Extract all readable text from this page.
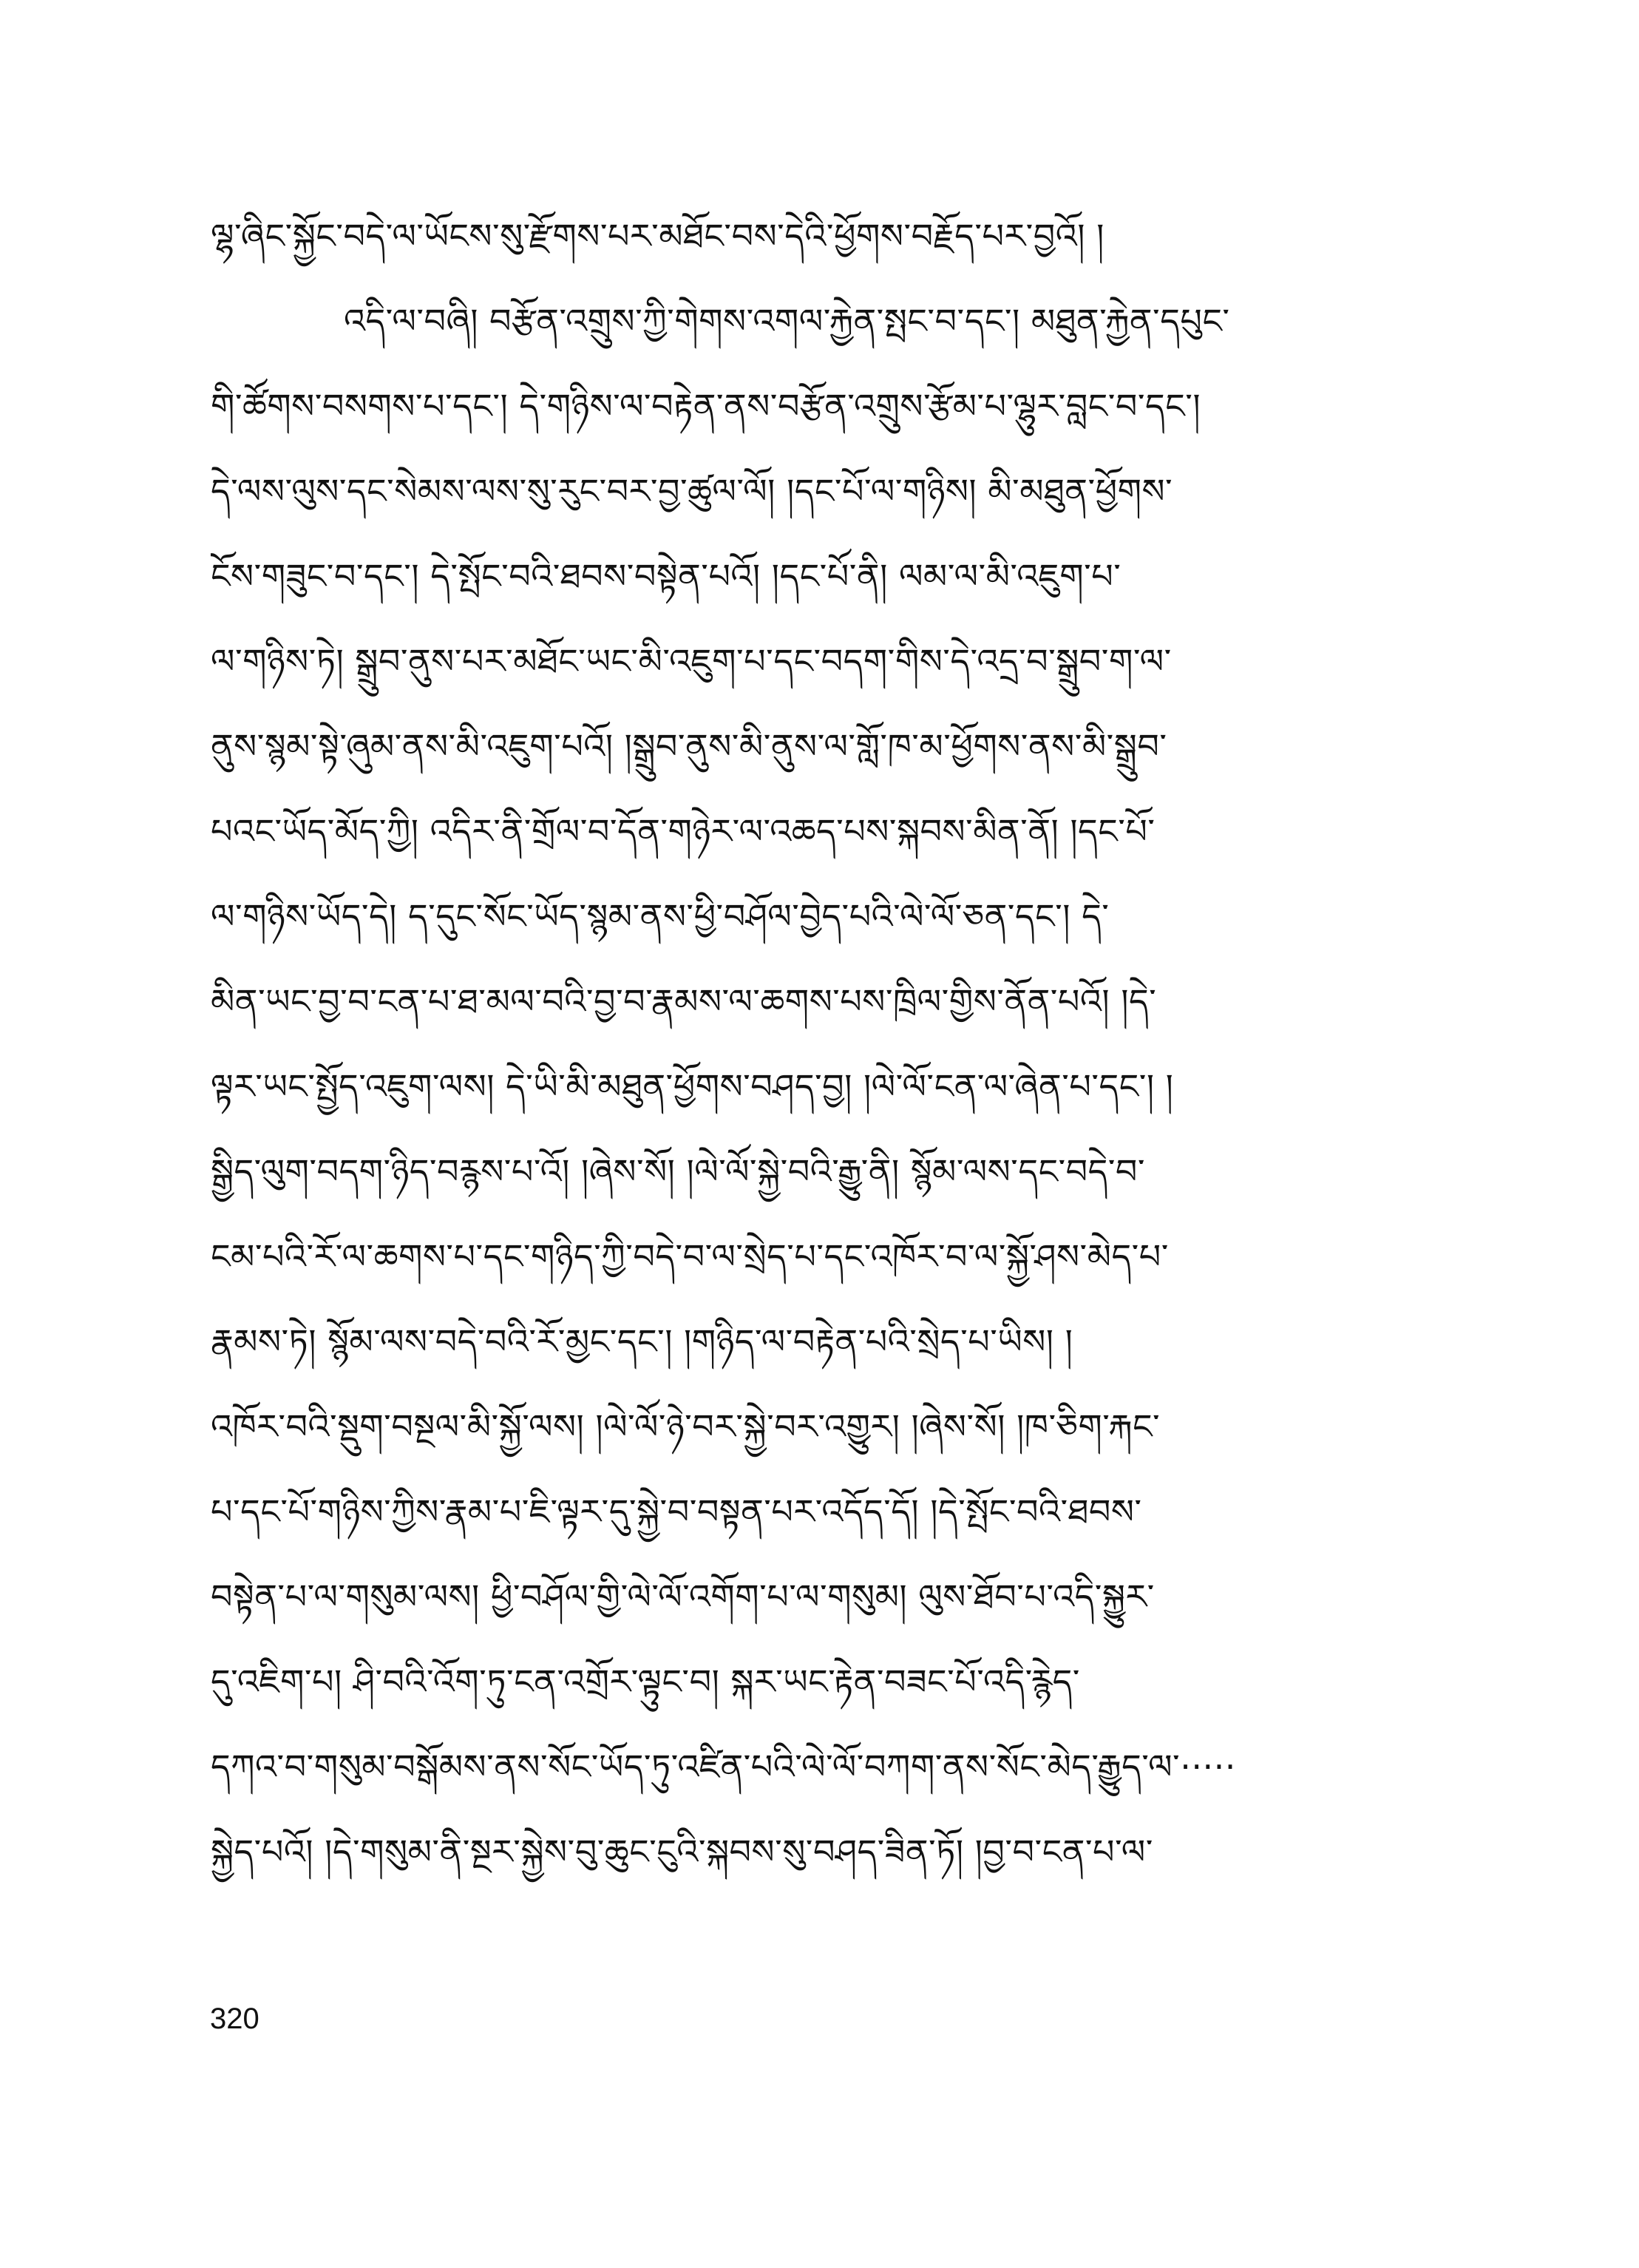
ལྷ་ཞིང་སྐྱོང་བདེ་ལ་ཡོངས་སུ་རྫོགས་པར་མཐོང་བས་དེའི་ཕྱོགས་བརྗོད་པར་བྱའོ། །
འདི་ལ་བཞི། བརྩོན་འགྲུས་ཀྱི་གེགས་འགལ་རྐྱེན་སྤང་བ་དང་། མཐུན་རྐྱེན་དཔུང་
གི་ཚོགས་བསགས་པ་དང་། དེ་གཉིས་ལ་བརྟེན་ནས་བརྩོན་འགྲུས་རྩོམ་པ་ལྷུར་བླང་བ་དང་།
དེ་ལས་ལུས་དང་སེམས་ལས་སུ་རུང་བར་བྱ་ཚུལ་ལོ། །དང་པོ་ལ་གཉིས། མི་མཐུན་ཕྱོགས་
ངོས་གཟུང་བ་དང་། དེ་སྤོང་བའི་ཐབས་བསྟེན་པའོ། །དང་པོ་ནི། ལམ་ལ་མི་འཇུག་པ་
ལ་གཉིས་ཏེ། སྒྲུབ་ནུས་པར་མཐོང་ཡང་མི་འཇུག་པ་དང་བདག་གིས་དེ་འདྲ་བ་སྒྲུབ་ག་ལ་
ནུས་སྙམ་སྟེ་ཞུམ་ནས་མི་འཇུག་པའོ། །སྒྲུབ་ནུས་མི་ནུས་ལ་གློ་ཁ་མ་ཕྱོགས་ནས་མི་སྒྲུབ་
པའང་ཡོད་མོད་ཀྱི། འདིར་ནི་གྲོལ་བ་དོན་གཉེར་ལ་འཆད་པས་སྐབས་མིན་ནོ། །དང་པོ་
ལ་གཉིས་ཡོད་དེ། ད་དུང་སོང་ཡོད་སྙམ་ནས་ཕྱི་བཤོལ་བྱེད་པའི་ལེ་ལོ་ཅན་དང་། དེ་
མིན་ཡང་བྱ་བ་ངན་པ་ཐ་མལ་བའི་བྱ་བ་རྣམས་ལ་ཆགས་པས་ཁྲིལ་གྱིས་ནོན་པའོ། །དེ་
ལྟར་ཡང་སྤྱོད་འཇུག་ལས། དེ་ཡི་མི་མཐུན་ཕྱོགས་བཤད་བྱ། །ལེ་ལོ་ངན་ལ་ཞེན་པ་དང་། །
སྒྱིད་ལུག་བདག་ཉིད་བརྙས་པ་འོ། །ཞེས་སོ། །ལེ་ལོ་སྐྱེ་བའི་རྒྱུ་ནི། སྙོམ་ལས་དང་བདེ་བ་
ངམ་པའི་རོ་ལ་ཆགས་པ་དང་གཉིད་ཀྱི་བདེ་བ་ལ་སྲེད་པ་དང་འཁོར་བ་ལ་སྐྱོ་ཤས་མེད་པ་
རྣམས་ཏེ། སྙོམ་ལས་བདེ་བའི་རོ་མྱང་དང་། །གཉིད་ལ་བརྟེན་པའི་སྲེད་པ་ཡིས། །
འཁོར་བའི་སྡུག་བསྔལ་མི་སྐྱོ་ལས། །ལེ་ལོ་ཉེ་བར་སྐྱེ་བར་འགྱུར། །ཞེས་སོ། །ཁ་ཅིག་རྐང་
པ་དང་པོ་གཉིས་ཀྱིས་རྣམ་པ་ཇི་ལྟར་དུ་སྐྱེ་བ་བསྟན་པར་འདོད་དོ། །དེ་སྤོང་བའི་ཐབས་
བསྟེན་པ་ལ་གསུམ་ལས། ཕྱི་བཤོལ་གྱི་ལེ་ལོ་འགོག་པ་ལ་གསུམ། ལུས་ཐོབ་པ་འདི་སྐྱུར་
དུ་འཇིག་པ། ཤི་བའི་འོག་ཏུ་ངན་འགྲོར་ལྟུང་བ། སྐར་ཡང་རྟེན་བཟང་པོ་འདི་རྙེད་
དཀའ་བ་གསུམ་བསྒོམས་ནས་སོང་ཡོད་ཏུ་འཛིན་པའི་ལེ་ལོ་བཀག་ནས་སོང་མེད་རྒྱུད་ལ་·····
སྐྱེད་པའོ། །དེ་གསུམ་ནི་སྔར་སྐྱེས་བུ་ཆུང་ངུའི་སྐབས་སུ་བཤད་ཟིན་ཏོ། །བྱ་བ་ངན་པ་ལ་
320
